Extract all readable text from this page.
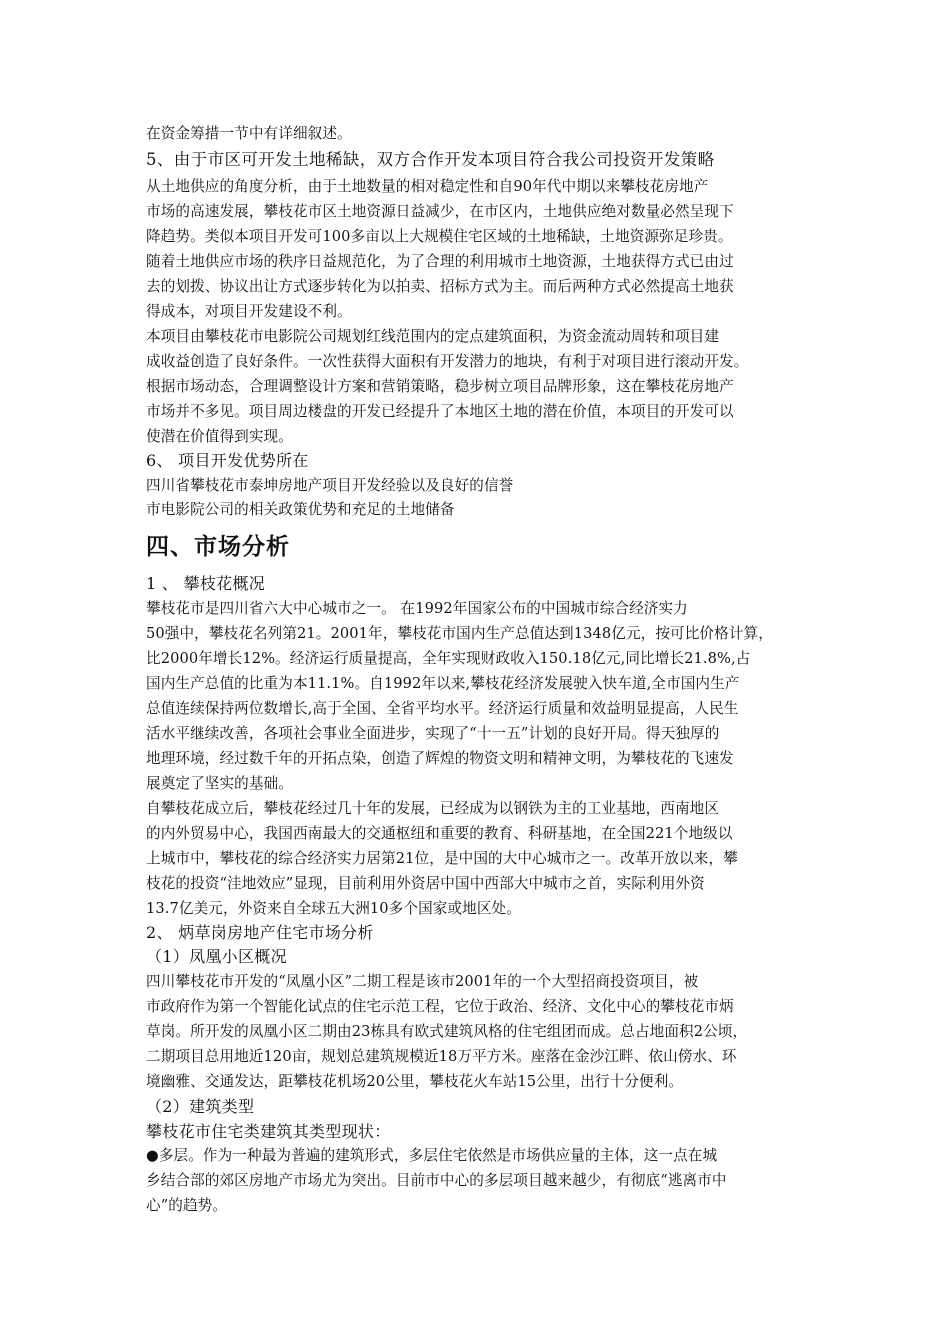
在资金筹措一节中有详细叙述。
5、由于市区可开发土地稀缺，双方合作开发本项目符合我公司投资开发策略
从土地供应的角度分析，由于土地数量的相对稳定性和自90年代中期以来攀枝花房地产
市场的高速发展，攀枝花市区土地资源日益减少，在市区内，土地供应绝对数量必然呈现下
降趋势。类似本项目开发可100多亩以上大规模住宅区域的土地稀缺，土地资源弥足珍贵。
随着土地供应市场的秩序日益规范化，为了合理的利用城市土地资源，土地获得方式已由过
去的划拨、协议出让方式逐步转化为以拍卖、招标方式为主。而后两种方式必然提高土地获
得成本，对项目开发建设不利。
本项目由攀枝花市电影院公司规划红线范围内的定点建筑面积，为资金流动周转和项目建
成收益创造了良好条件。一次性获得大面积有开发潜力的地块，有利于对项目进行滚动开发。
根据市场动态，合理调整设计方案和营销策略，稳步树立项目品牌形象，这在攀枝花房地产
市场并不多见。项目周边楼盘的开发已经提升了本地区土地的潜在价值，本项目的开发可以
使潜在价值得到实现。
6、 项目开发优势所在
四川省攀枝花市泰坤房地产项目开发经验以及良好的信誉
市电影院公司的相关政策优势和充足的土地储备
四、市场分析
1 、 攀枝花概况
攀枝花市是四川省六大中心城市之一。 在1992年国家公布的中国城市综合经济实力
50强中，攀枝花名列第21。2001年，攀枝花市国内生产总值达到1348亿元，按可比价格计算，
比2000年增长12%。经济运行质量提高，全年实现财政收入150.18亿元,同比增长21.8%,占
国内生产总值的比重为本11.1%。自1992年以来,攀枝花经济发展驶入快车道,全市国内生产
总值连续保持两位数增长,高于全国、全省平均水平。经济运行质量和效益明显提高，人民生
活水平继续改善，各项社会事业全面进步，实现了“十一五”计划的良好开局。得天独厚的
地理环境，经过数千年的开拓点染，创造了辉煌的物资文明和精神文明，为攀枝花的飞速发
展奠定了坚实的基础。
自攀枝花成立后，攀枝花经过几十年的发展，已经成为以钢铁为主的工业基地，西南地区
的内外贸易中心，我国西南最大的交通枢纽和重要的教育、科研基地，在全国221个地级以
上城市中，攀枝花的综合经济实力居第21位，是中国的大中心城市之一。改革开放以来，攀
枝花的投资“洼地效应”显现，目前利用外资居中国中西部大中城市之首，实际利用外资
13.7亿美元，外资来自全球五大洲10多个国家或地区处。
2、 炳草岗房地产住宅市场分析
（1）凤凰小区概况
四川攀枝花市开发的“凤凰小区”二期工程是该市2001年的一个大型招商投资项目，被
市政府作为第一个智能化试点的住宅示范工程，它位于政治、经济、文化中心的攀枝花市炳
草岗。所开发的凤凰小区二期由23栋具有欧式建筑风格的住宅组团而成。总占地面积2公顷，
二期项目总用地近120亩，规划总建筑规模近18万平方米。座落在金沙江畔、依山傍水、环
境幽雅、交通发达，距攀枝花机场20公里，攀枝花火车站15公里，出行十分便利。
（2）建筑类型
攀枝花市住宅类建筑其类型现状：
●多层。作为一种最为普遍的建筑形式，多层住宅依然是市场供应量的主体，这一点在城
乡结合部的郊区房地产市场尤为突出。目前市中心的多层项目越来越少，有彻底“逃离市中
心”的趋势。
